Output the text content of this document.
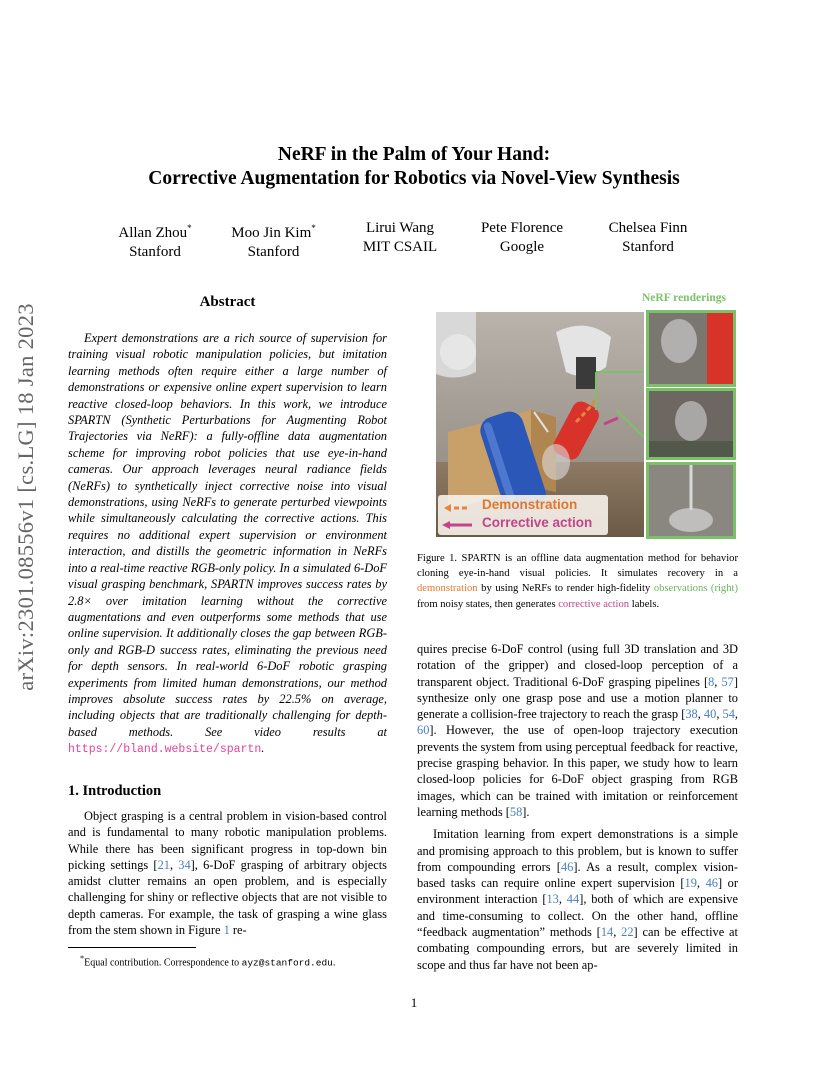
NeRF in the Palm of Your Hand:
Corrective Augmentation for Robotics via Novel-View Synthesis
Allan Zhou*
Stanford
Moo Jin Kim*
Stanford
Lirui Wang
MIT CSAIL
Pete Florence
Google
Chelsea Finn
Stanford
arXiv:2301.08556v1 [cs.LG] 18 Jan 2023
Abstract
Expert demonstrations are a rich source of supervision for training visual robotic manipulation policies, but imitation learning methods often require either a large number of demonstrations or expensive online expert supervision to learn reactive closed-loop behaviors. In this work, we introduce SPARTN (Synthetic Perturbations for Augmenting Robot Trajectories via NeRF): a fully-offline data augmentation scheme for improving robot policies that use eye-in-hand cameras. Our approach leverages neural radiance fields (NeRFs) to synthetically inject corrective noise into visual demonstrations, using NeRFs to generate perturbed viewpoints while simultaneously calculating the corrective actions. This requires no additional expert supervision or environment interaction, and distills the geometric information in NeRFs into a real-time reactive RGB-only policy. In a simulated 6-DoF visual grasping benchmark, SPARTN improves success rates by 2.8× over imitation learning without the corrective augmentations and even outperforms some methods that use online supervision. It additionally closes the gap between RGB-only and RGB-D success rates, eliminating the previous need for depth sensors. In real-world 6-DoF robotic grasping experiments from limited human demonstrations, our method improves absolute success rates by 22.5% on average, including objects that are traditionally challenging for depth-based methods. See video results at https://bland.website/spartn.
1. Introduction
Object grasping is a central problem in vision-based control and is fundamental to many robotic manipulation problems. While there has been significant progress in top-down bin picking settings [21, 34], 6-DoF grasping of arbitrary objects amidst clutter remains an open problem, and is especially challenging for shiny or reflective objects that are not visible to depth cameras. For example, the task of grasping a wine glass from the stem shown in Figure 1 re-
*Equal contribution. Correspondence to ayz@stanford.edu.
NeRF renderings
Demonstration
Corrective action
Figure 1. SPARTN is an offline data augmentation method for behavior cloning eye-in-hand visual policies. It simulates recovery in a demonstration by using NeRFs to render high-fidelity observations (right) from noisy states, then generates corrective action labels.

quires precise 6-DoF control (using full 3D translation and 3D rotation of the gripper) and closed-loop perception of a transparent object. Traditional 6-DoF grasping pipelines [8, 57] synthesize only one grasp pose and use a motion planner to generate a collision-free trajectory to reach the grasp [38, 40, 54, 60]. However, the use of open-loop trajectory execution prevents the system from using perceptual feedback for reactive, precise grasping behavior. In this paper, we study how to learn closed-loop policies for 6-DoF object grasping from RGB images, which can be trained with imitation or reinforcement learning methods [58].

Imitation learning from expert demonstrations is a simple and promising approach to this problem, but is known to suffer from compounding errors [46]. As a result, complex vision-based tasks can require online expert supervision [19, 46] or environment interaction [13, 44], both of which are expensive and time-consuming to collect. On the other hand, offline “feedback augmentation” methods [14, 22] can be effective at combating compounding errors, but are severely limited in scope and thus far have not been ap-

1
